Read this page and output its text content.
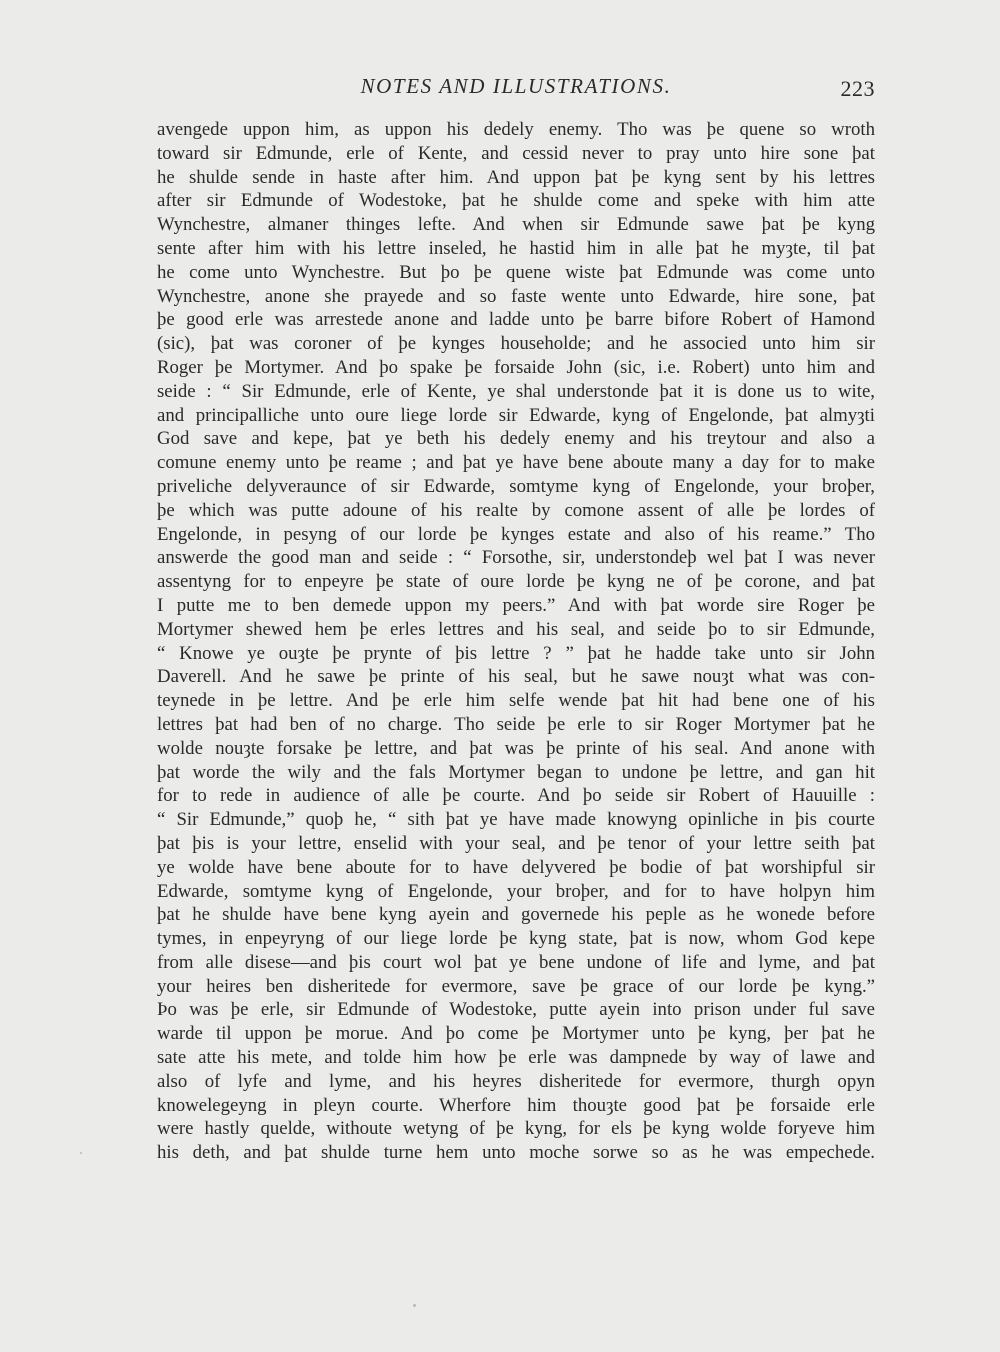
NOTES AND ILLUSTRATIONS.	223
avengede uppon him, as uppon his dedely enemy. Tho was þe quene so wroth
toward sir Edmunde, erle of Kente, and cessid never to pray unto hire sone þat
he shulde sende in haste after him. And uppon þat þe kyng sent by his lettres
after sir Edmunde of Wodestoke, þat he shulde come and speke with him atte
Wynchestre, almaner thinges lefte. And when sir Edmunde sawe þat þe kyng
sente after him with his lettre inseled, he hastid him in alle þat he myȝte, til þat
he come unto Wynchestre. But þo þe quene wiste þat Edmunde was come unto
Wynchestre, anone she prayede and so faste wente unto Edwarde, hire sone, þat
þe good erle was arrestede anone and ladde unto þe barre bifore Robert of Hamond
(sic), þat was coroner of þe kynges householde; and he associed unto him sir
Roger þe Mortymer. And þo spake þe forsaide John (sic, i.e. Robert) unto him and
seide : “ Sir Edmunde, erle of Kente, ye shal understonde þat it is done us to wite,
and principalliche unto oure liege lorde sir Edwarde, kyng of Engelonde, þat almyȝti
God save and kepe, þat ye beth his dedely enemy and his treytour and also a
comune enemy unto þe reame ; and þat ye have bene aboute many a day for to make
priveliche delyveraunce of sir Edwarde, somtyme kyng of Engelonde, your broþer,
þe which was putte adoune of his realte by comone assent of alle þe lordes of
Engelonde, in pesyng of our lorde þe kynges estate and also of his reame.” Tho
answerde the good man and seide : “ Forsothe, sir, understondeþ wel þat I was never
assentyng for to enpeyre þe state of oure lorde þe kyng ne of þe corone, and þat
I putte me to ben demede uppon my peers.” And with þat worde sire Roger þe
Mortymer shewed hem þe erles lettres and his seal, and seide þo to sir Edmunde,
“ Knowe ye ouȝte þe prynte of þis lettre ? ” þat he hadde take unto sir John
Daverell. And he sawe þe printe of his seal, but he sawe nouȝt what was con-
teynede in þe lettre. And þe erle him selfe wende þat hit had bene one of his
lettres þat had ben of no charge. Tho seide þe erle to sir Roger Mortymer þat he
wolde nouȝte forsake þe lettre, and þat was þe printe of his seal. And anone with
þat worde the wily and the fals Mortymer began to undone þe lettre, and gan hit
for to rede in audience of alle þe courte. And þo seide sir Robert of Hauuille :
“ Sir Edmunde,” quoþ he, “ sith þat ye have made knowyng opinliche in þis courte
þat þis is your lettre, enselid with your seal, and þe tenor of your lettre seith þat
ye wolde have bene aboute for to have delyvered þe bodie of þat worshipful sir
Edwarde, somtyme kyng of Engelonde, your broþer, and for to have holpyn him
þat he shulde have bene kyng ayein and governede his peple as he wonede before
tymes, in enpeyryng of our liege lorde þe kyng state, þat is now, whom God kepe
from alle disese—and þis court wol þat ye bene undone of life and lyme, and þat
your heires ben disheritede for evermore, save þe grace of our lorde þe kyng.”
Þo was þe erle, sir Edmunde of Wodestoke, putte ayein into prison under ful save
warde til uppon þe morue. And þo come þe Mortymer unto þe kyng, þer þat he
sate atte his mete, and tolde him how þe erle was dampnede by way of lawe and
also of lyfe and lyme, and his heyres disheritede for evermore, thurgh opyn
knowelegeyng in pleyn courte. Wherfore him thouȝte good þat þe forsaide erle
were hastly quelde, withoute wetyng of þe kyng, for els þe kyng wolde foryeve him
his deth, and þat shulde turne hem unto moche sorwe so as he was empechede.
